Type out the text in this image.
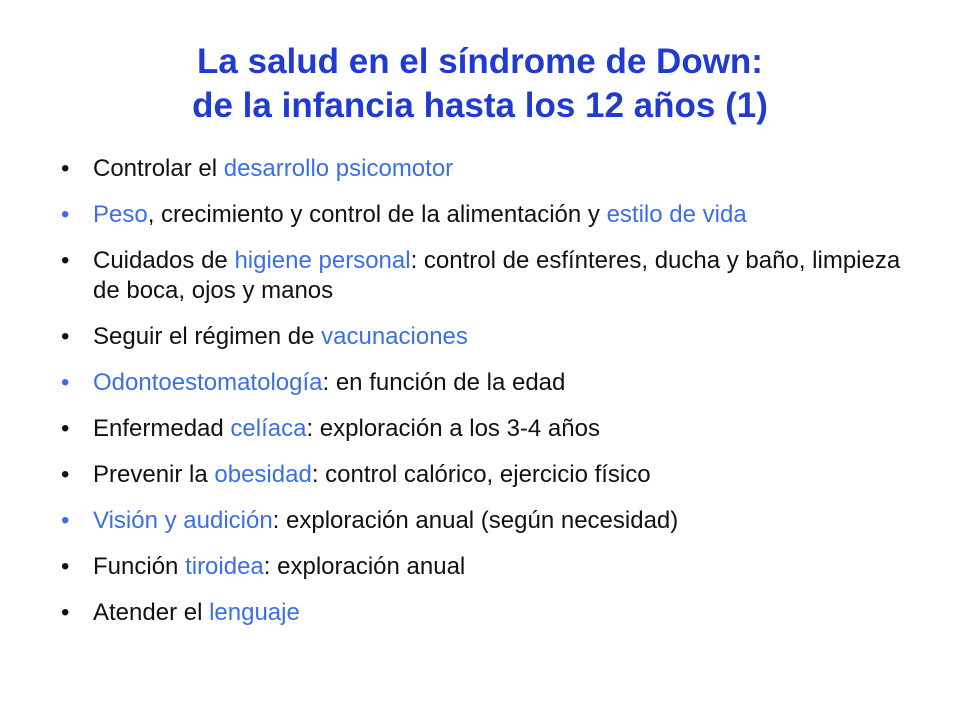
La salud en el síndrome de Down:
de la infancia hasta los 12 años (1)
• Controlar el desarrollo psicomotor
• Peso, crecimiento y control de la alimentación y estilo de vida
• Cuidados de higiene personal: control de esfínteres, ducha y baño, limpieza de boca, ojos y manos
• Seguir el régimen de vacunaciones
• Odontoestomatología: en función de la edad
• Enfermedad celíaca: exploración a los 3-4 años
• Prevenir la obesidad: control calórico, ejercicio físico
• Visión y audición: exploración anual (según necesidad)
• Función tiroidea: exploración anual
• Atender el lenguaje
